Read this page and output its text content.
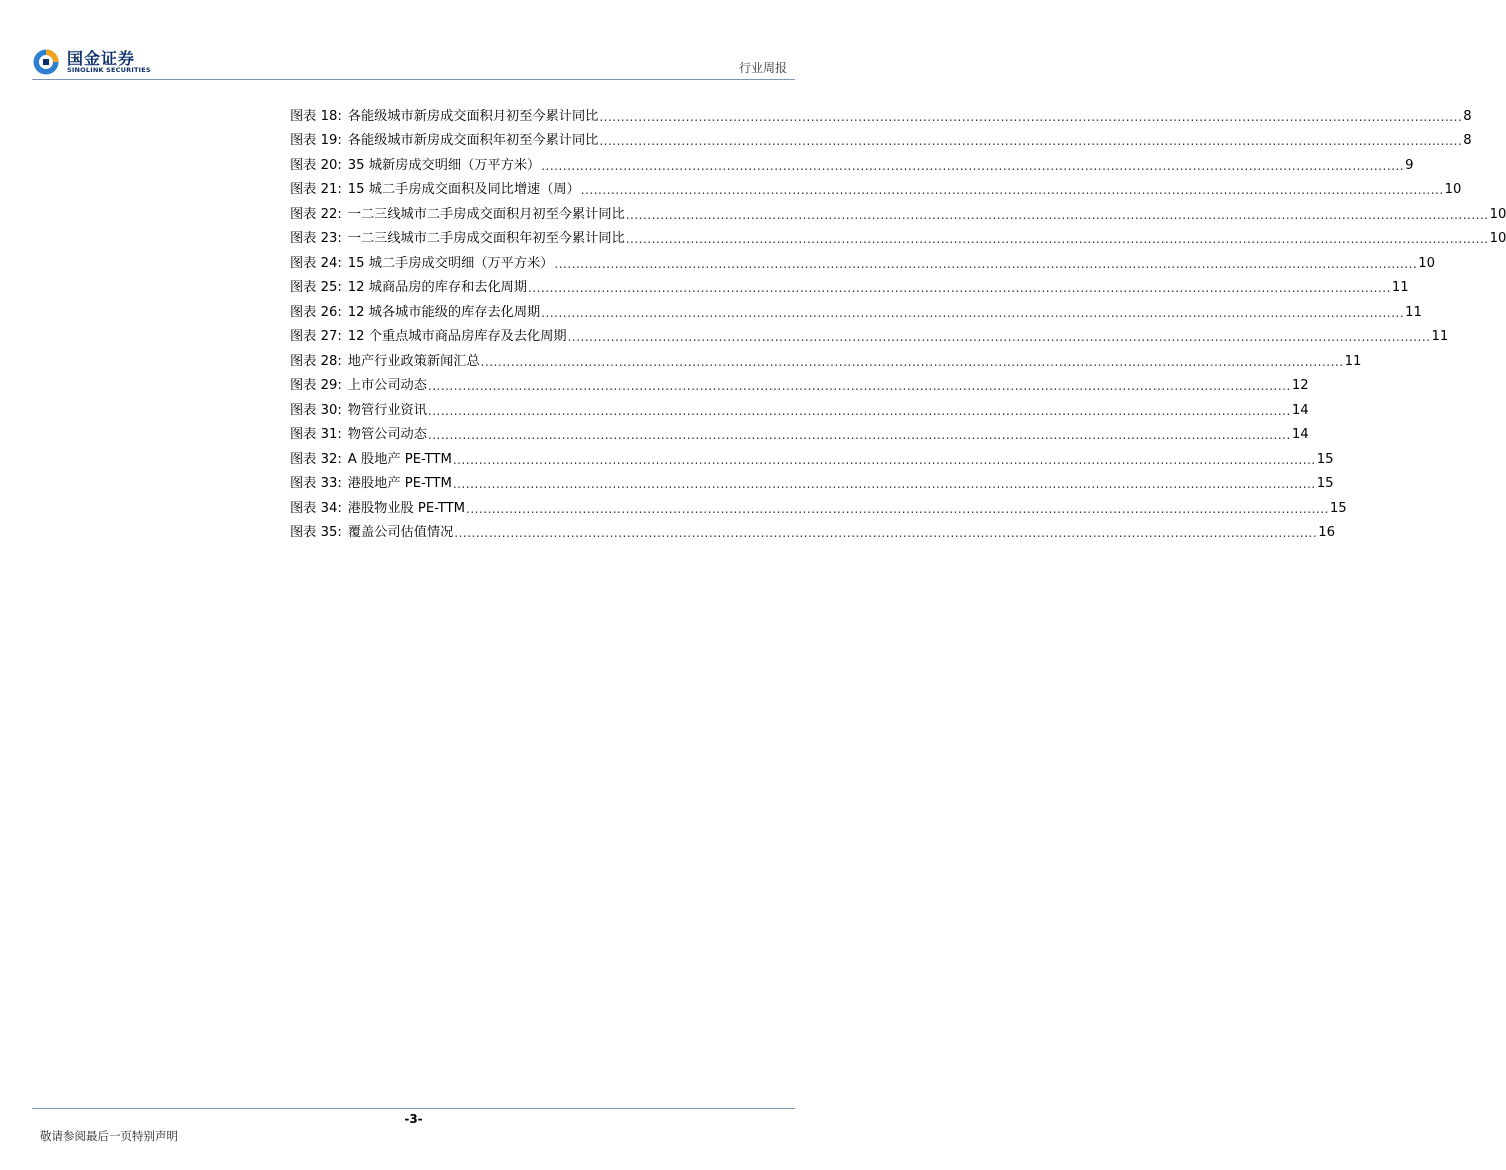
国金证券
SINOLINK SECURITIES	行业周报
图表 18: 各能级城市新房成交面积月初至今累计同比 ........................................................................................................................................................................................................ 8
图表 19: 各能级城市新房成交面积年初至今累计同比 ........................................................................................................................................................................................................ 8
图表 20: 35 城新房成交明细（万平方米） ........................................................................................................................................................................................................ 9
图表 21: 15 城二手房成交面积及同比增速（周） ........................................................................................................................................................................................................ 10
图表 22: 一二三线城市二手房成交面积月初至今累计同比 ........................................................................................................................................................................................................ 10
图表 23: 一二三线城市二手房成交面积年初至今累计同比 ........................................................................................................................................................................................................ 10
图表 24: 15 城二手房成交明细（万平方米） ........................................................................................................................................................................................................ 10
图表 25: 12 城商品房的库存和去化周期 ........................................................................................................................................................................................................ 11
图表 26: 12 城各城市能级的库存去化周期 ........................................................................................................................................................................................................ 11
图表 27: 12 个重点城市商品房库存及去化周期 ........................................................................................................................................................................................................ 11
图表 28: 地产行业政策新闻汇总 ........................................................................................................................................................................................................ 11
图表 29: 上市公司动态 ........................................................................................................................................................................................................ 12
图表 30: 物管行业资讯 ........................................................................................................................................................................................................ 14
图表 31: 物管公司动态 ........................................................................................................................................................................................................ 14
图表 32: A 股地产 PE-TTM ........................................................................................................................................................................................................ 15
图表 33: 港股地产 PE-TTM ........................................................................................................................................................................................................ 15
图表 34: 港股物业股 PE-TTM ........................................................................................................................................................................................................ 15
图表 35: 覆盖公司估值情况 ........................................................................................................................................................................................................ 16
-3-
敬请参阅最后一页特别声明
